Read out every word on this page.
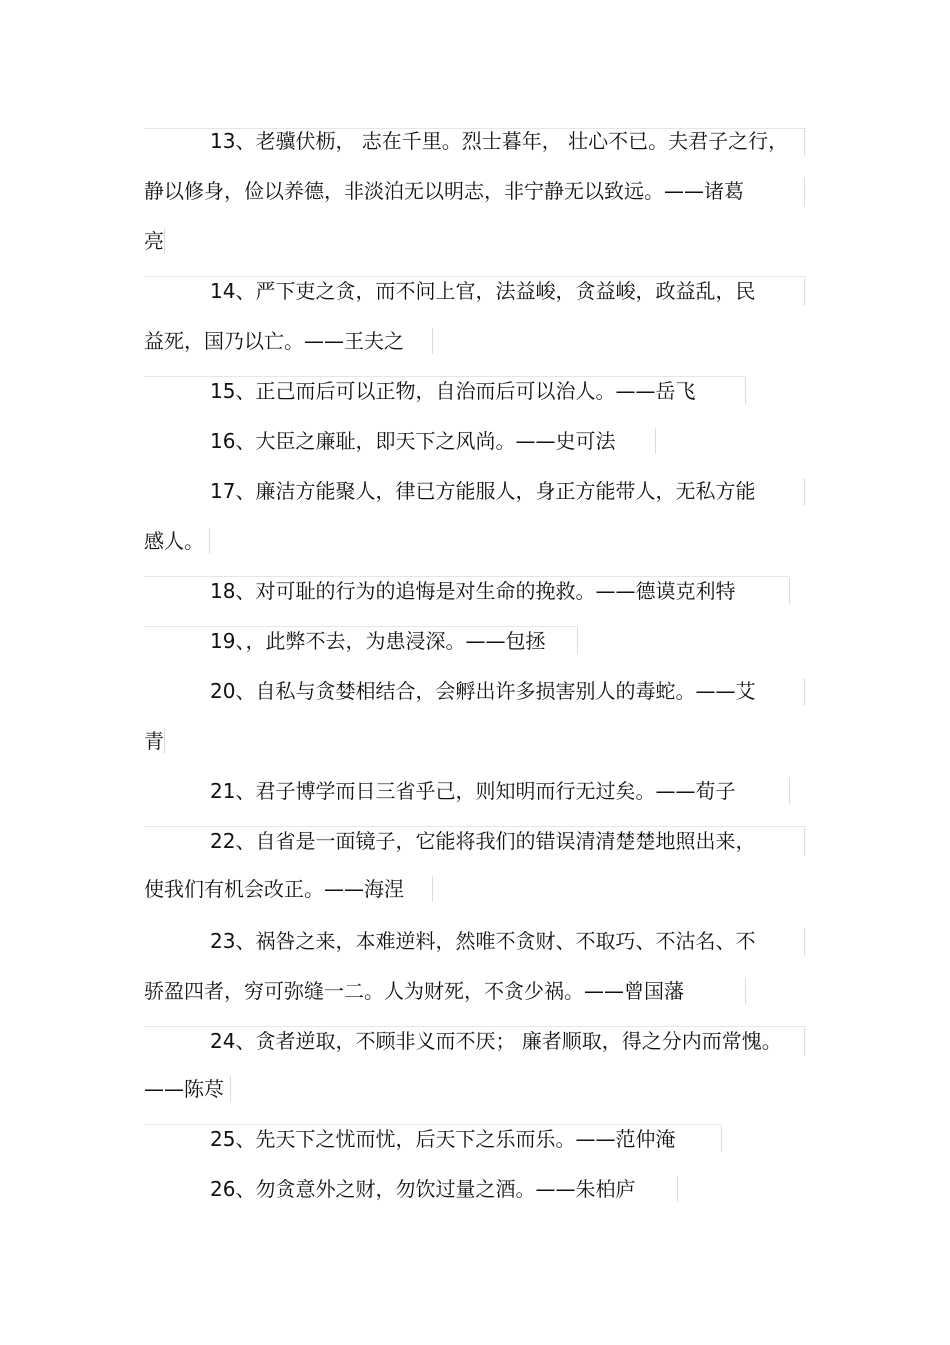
13、老骥伏枥， 志在千里。烈士暮年， 壮心不已。夫君子之行，
静以修身，俭以养德，非淡泊无以明志，非宁静无以致远。——诸葛
亮
14、严下吏之贪，而不问上官，法益峻，贪益峻，政益乱，民
益死，国乃以亡。——王夫之
15、正己而后可以正物，自治而后可以治人。——岳飞
16、大臣之廉耻，即天下之风尚。——史可法
17、廉洁方能聚人，律已方能服人，身正方能带人，无私方能
感人。
18、对可耻的行为的追悔是对生命的挽救。——德谟克利特
19、，此弊不去，为患浸深。——包拯
20、自私与贪婪相结合，会孵出许多损害别人的毒蛇。——艾
青
21、君子博学而日三省乎己，则知明而行无过矣。——荀子
22、自省是一面镜子，它能将我们的错误清清楚楚地照出来，
使我们有机会改正。——海涅
23、祸咎之来，本难逆料，然唯不贪财、不取巧、不沽名、不
骄盈四者，穷可弥缝一二。人为财死，不贪少祸。——曾国藩
24、贪者逆取，不顾非义而不厌； 廉者顺取，得之分内而常愧。
——陈荩
25、先天下之忧而忧，后天下之乐而乐。——范仲淹
26、勿贪意外之财，勿饮过量之酒。——朱柏庐
